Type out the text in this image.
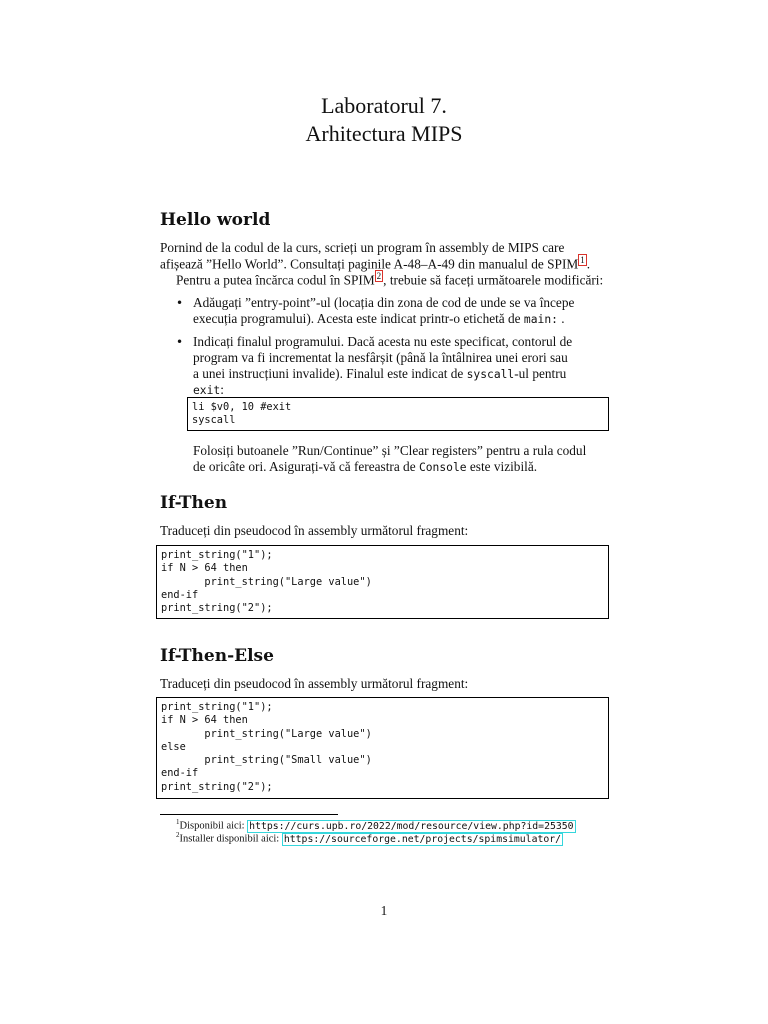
Laboratorul 7.
Arhitectura MIPS
Hello world
Pornind de la codul de la curs, scrieți un program în assembly de MIPS care
afișează ”Hello World”. Consultați paginile A-48–A-49 din manualul de SPIM $^1$ .
Pentru a putea încărca codul în SPIM $^2$ , trebuie să faceți următoarele modificări:
• Adăugați ”entry-point”-ul (locația din zona de cod de unde se va începe
execuția programului). Acesta este indicat printr-o etichetă de main: .
• Indicați finalul programului. Dacă acesta nu este specificat, contorul de
program va fi incrementat la nesfârșit (până la întâlnirea unei erori sau
a unei instrucțiuni invalide). Finalul este indicat de syscall-ul pentru
exit:
li $v0, 10 #exit
syscall
Folosiți butoanele ”Run/Continue” și ”Clear registers” pentru a rula codul
de oricâte ori. Asigurați-vă că fereastra de Console este vizibilă.
If-Then
Traduceți din pseudocod în assembly următorul fragment:
print_string("1");
if N > 64 then
print_string("Large value")
end-if
print_string("2");
If-Then-Else
Traduceți din pseudocod în assembly următorul fragment:
print_string("1");
if N > 64 then
print_string("Large value")
else
print_string("Small value")
end-if
print_string("2");
$^1$Disponibil aici: https://curs.upb.ro/2022/mod/resource/view.php?id=25350
$^2$Installer disponibil aici: https://sourceforge.net/projects/spimsimulator/
1
